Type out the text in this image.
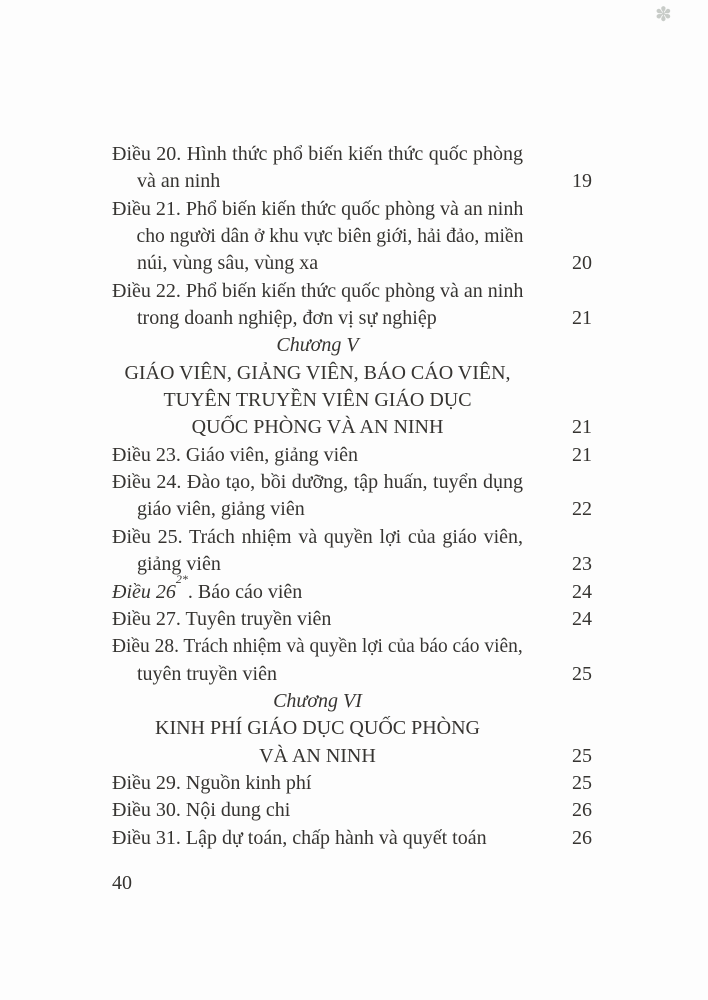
✽
Điều 20. Hình thức phổ biến kiến thức quốc phòng
và an ninh	19
Điều 21. Phổ biến kiến thức quốc phòng và an ninh
cho người dân ở khu vực biên giới, hải đảo, miền
núi, vùng sâu, vùng xa	20
Điều 22. Phổ biến kiến thức quốc phòng và an ninh
trong doanh nghiệp, đơn vị sự nghiệp	21
Chương V
GIÁO VIÊN, GIẢNG VIÊN, BÁO CÁO VIÊN,
TUYÊN TRUYỀN VIÊN GIÁO DỤC
QUỐC PHÒNG VÀ AN NINH	21
Điều 23. Giáo viên, giảng viên	21
Điều 24. Đào tạo, bồi dưỡng, tập huấn, tuyển dụng
giáo viên, giảng viên	22
Điều 25. Trách nhiệm và quyền lợi của giáo viên,
giảng viên	23
Điều 26$^{2*}$. Báo cáo viên	24
Điều 27. Tuyên truyền viên	24
Điều 28. Trách nhiệm và quyền lợi của báo cáo viên,
tuyên truyền viên	25
Chương VI
KINH PHÍ GIÁO DỤC QUỐC PHÒNG
VÀ AN NINH	25
Điều 29. Nguồn kinh phí	25
Điều 30. Nội dung chi	26
Điều 31. Lập dự toán, chấp hành và quyết toán	26
40
